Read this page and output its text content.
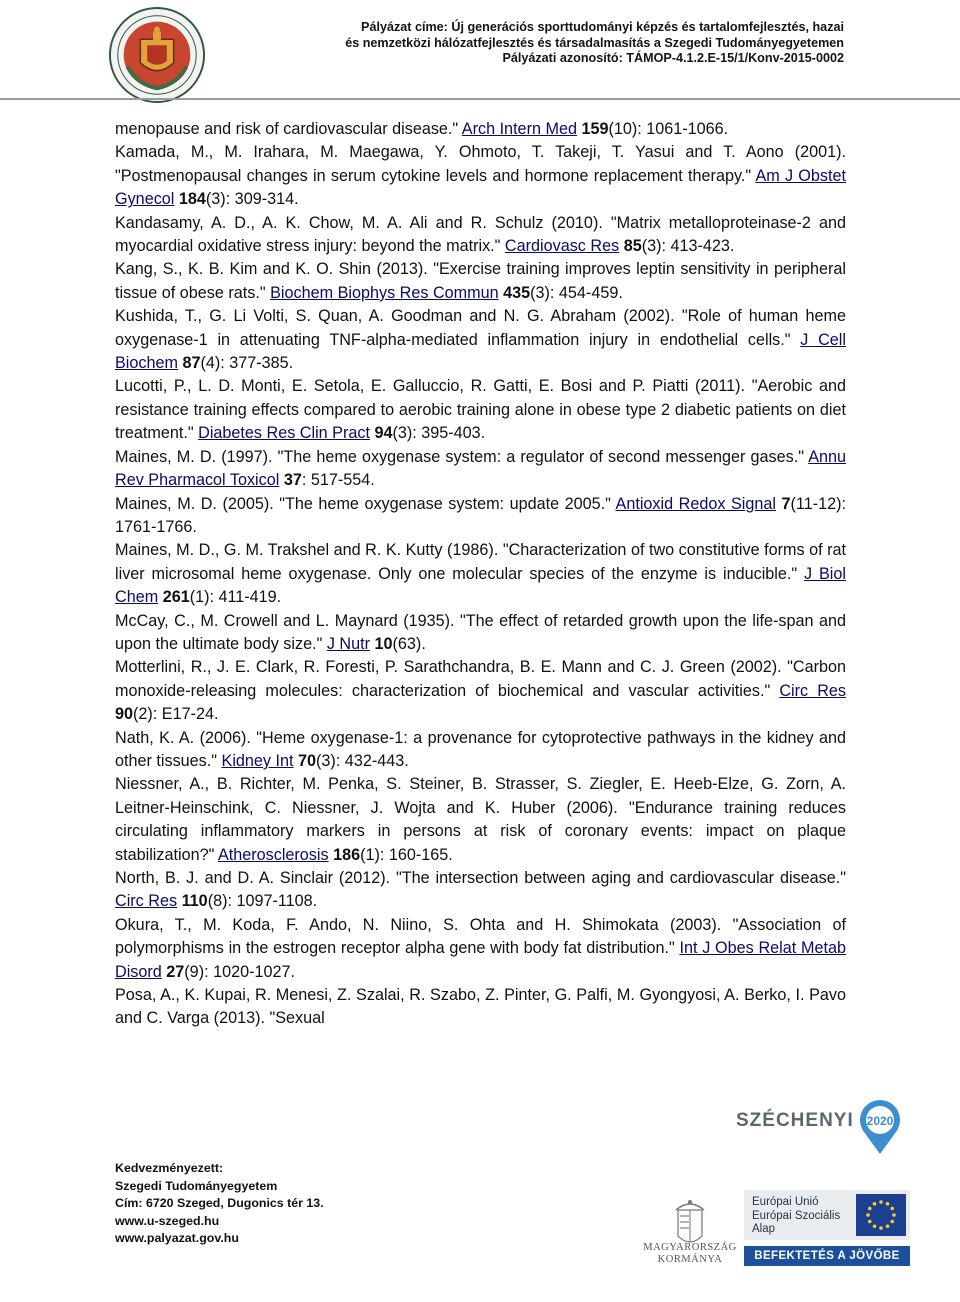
Pályázat címe: Új generációs sporttudományi képzés és tartalomfejlesztés, hazai
és nemzetközi hálózatfejlesztés és társadalmasítás a Szegedi Tudományegyetemen
Pályázati azonosító: TÁMOP-4.1.2.E-15/1/Konv-2015-0002
menopause and risk of cardiovascular disease." Arch Intern Med 159(10): 1061-1066.
Kamada, M., M. Irahara, M. Maegawa, Y. Ohmoto, T. Takeji, T. Yasui and T. Aono (2001). "Postmenopausal changes in serum cytokine levels and hormone replacement therapy." Am J Obstet Gynecol 184(3): 309-314.
Kandasamy, A. D., A. K. Chow, M. A. Ali and R. Schulz (2010). "Matrix metalloproteinase-2 and myocardial oxidative stress injury: beyond the matrix." Cardiovasc Res 85(3): 413-423.
Kang, S., K. B. Kim and K. O. Shin (2013). "Exercise training improves leptin sensitivity in peripheral tissue of obese rats." Biochem Biophys Res Commun 435(3): 454-459.
Kushida, T., G. Li Volti, S. Quan, A. Goodman and N. G. Abraham (2002). "Role of human heme oxygenase-1 in attenuating TNF-alpha-mediated inflammation injury in endothelial cells." J Cell Biochem 87(4): 377-385.
Lucotti, P., L. D. Monti, E. Setola, E. Galluccio, R. Gatti, E. Bosi and P. Piatti (2011). "Aerobic and resistance training effects compared to aerobic training alone in obese type 2 diabetic patients on diet treatment." Diabetes Res Clin Pract 94(3): 395-403.
Maines, M. D. (1997). "The heme oxygenase system: a regulator of second messenger gases." Annu Rev Pharmacol Toxicol 37: 517-554.
Maines, M. D. (2005). "The heme oxygenase system: update 2005." Antioxid Redox Signal 7(11-12): 1761-1766.
Maines, M. D., G. M. Trakshel and R. K. Kutty (1986). "Characterization of two constitutive forms of rat liver microsomal heme oxygenase. Only one molecular species of the enzyme is inducible." J Biol Chem 261(1): 411-419.
McCay, C., M. Crowell and L. Maynard (1935). "The effect of retarded growth upon the life-span and upon the ultimate body size." J Nutr 10(63).
Motterlini, R., J. E. Clark, R. Foresti, P. Sarathchandra, B. E. Mann and C. J. Green (2002). "Carbon monoxide-releasing molecules: characterization of biochemical and vascular activities." Circ Res 90(2): E17-24.
Nath, K. A. (2006). "Heme oxygenase-1: a provenance for cytoprotective pathways in the kidney and other tissues." Kidney Int 70(3): 432-443.
Niessner, A., B. Richter, M. Penka, S. Steiner, B. Strasser, S. Ziegler, E. Heeb-Elze, G. Zorn, A. Leitner-Heinschink, C. Niessner, J. Wojta and K. Huber (2006). "Endurance training reduces circulating inflammatory markers in persons at risk of coronary events: impact on plaque stabilization?" Atherosclerosis 186(1): 160-165.
North, B. J. and D. A. Sinclair (2012). "The intersection between aging and cardiovascular disease." Circ Res 110(8): 1097-1108.
Okura, T., M. Koda, F. Ando, N. Niino, S. Ohta and H. Shimokata (2003). "Association of polymorphisms in the estrogen receptor alpha gene with body fat distribution." Int J Obes Relat Metab Disord 27(9): 1020-1027.
Posa, A., K. Kupai, R. Menesi, Z. Szalai, R. Szabo, Z. Pinter, G. Palfi, M. Gyongyosi, A. Berko, I. Pavo and C. Varga (2013). "Sexual
Kedvezményezett:
Szegedi Tudományegyetem
Cím: 6720 Szeged, Dugonics tér 13.
www.u-szeged.hu
www.palyazat.gov.hu
SZÉCHENYI 2020
MAGYARORSZÁG
KORMÁNYA
Európai Unió
Európai Szociális
Alap
BEFEKTETÉS A JÖVŐBE
